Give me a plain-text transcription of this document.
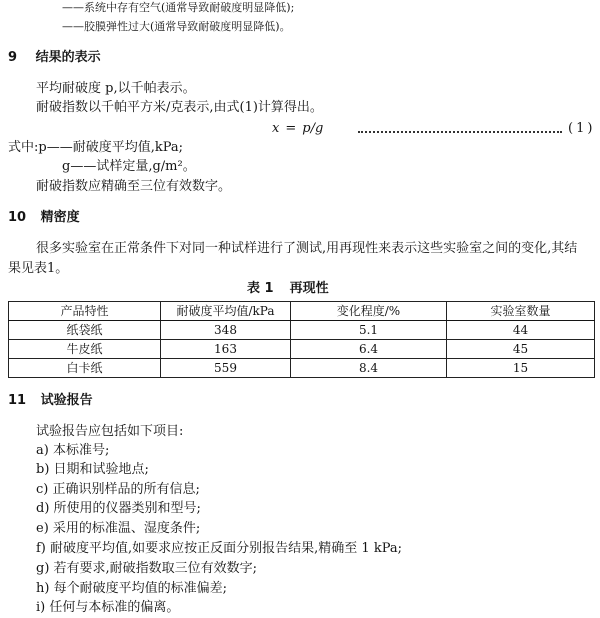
——系统中存有空气(通常导致耐破度明显降低);
——胶膜弹性过大(通常导致耐破度明显降低)。
9 结果的表示
平均耐破度 p,以千帕表示。
耐破指数以千帕平方米/克表示,由式(1)计算得出。
x = p/g	(1)
式中:p——耐破度平均值,kPa;
g——试样定量,g/m²。
耐破指数应精确至三位有效数字。
10 精密度
很多实验室在正常条件下对同一种试样进行了测试,用再现性来表示这些实验室之间的变化,其结
果见表1。
表 1 再现性
产品特性	耐破度平均值/kPa	变化程度/%	实验室数量
纸袋纸	348	5.1	44
牛皮纸	163	6.4	45
白卡纸	559	8.4	15
11 试验报告
试验报告应包括如下项目:
a) 本标准号;
b) 日期和试验地点;
c) 正确识别样品的所有信息;
d) 所使用的仪器类别和型号;
e) 采用的标准温、湿度条件;
f) 耐破度平均值,如要求应按正反面分别报告结果,精确至 1 kPa;
g) 若有要求,耐破指数取三位有效数字;
h) 每个耐破度平均值的标准偏差;
i) 任何与本标准的偏离。
